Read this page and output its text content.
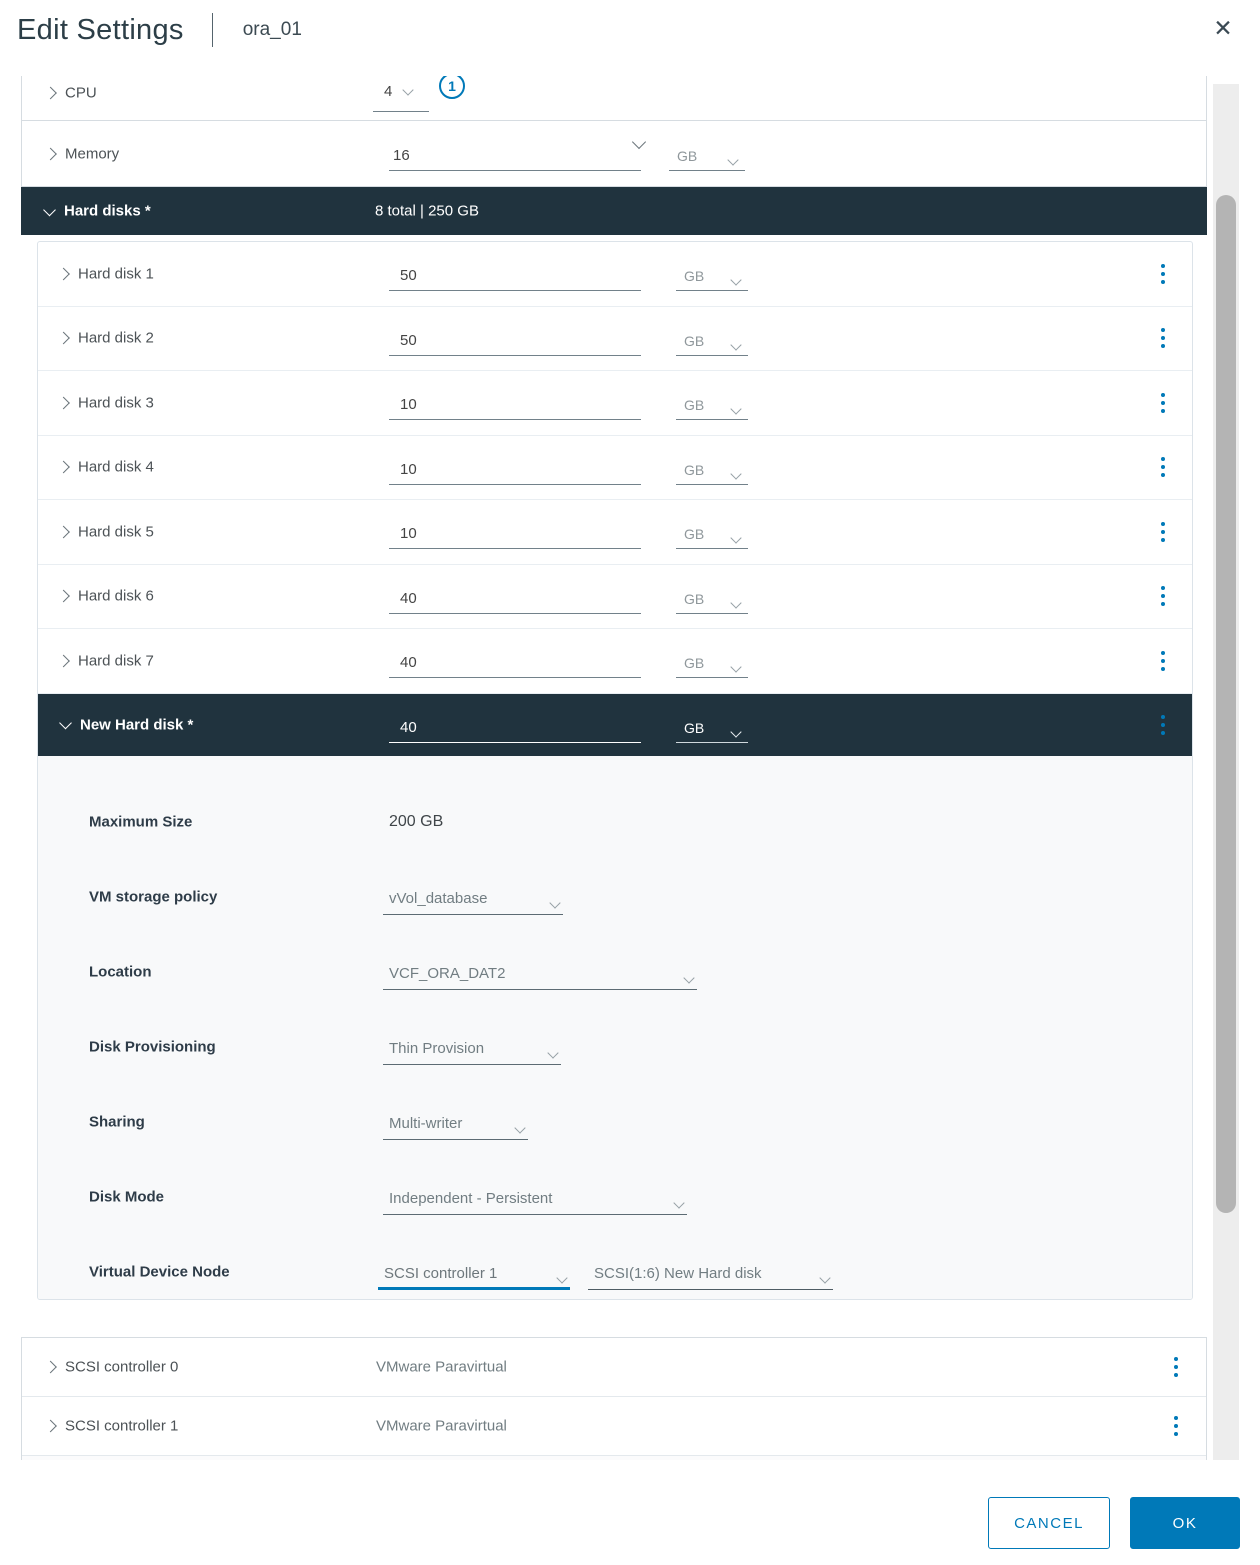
Edit Settings	ora_01	✕
CPU	4	1
Memory	16	GB
Hard disks *	8 total | 250 GB
Hard disk 1	50	GB
Hard disk 2	50	GB
Hard disk 3	10	GB
Hard disk 4	10	GB
Hard disk 5	10	GB
Hard disk 6	40	GB
Hard disk 7	40	GB
New Hard disk *	40	GB
Maximum Size	200 GB
VM storage policy	vVol_database
Location	VCF_ORA_DAT2
Disk Provisioning	Thin Provision
Sharing	Multi-writer
Disk Mode	Independent - Persistent
Virtual Device Node	SCSI controller 1	SCSI(1:6) New Hard disk
SCSI controller 0	VMware Paravirtual
SCSI controller 1	VMware Paravirtual
CANCEL	OK
